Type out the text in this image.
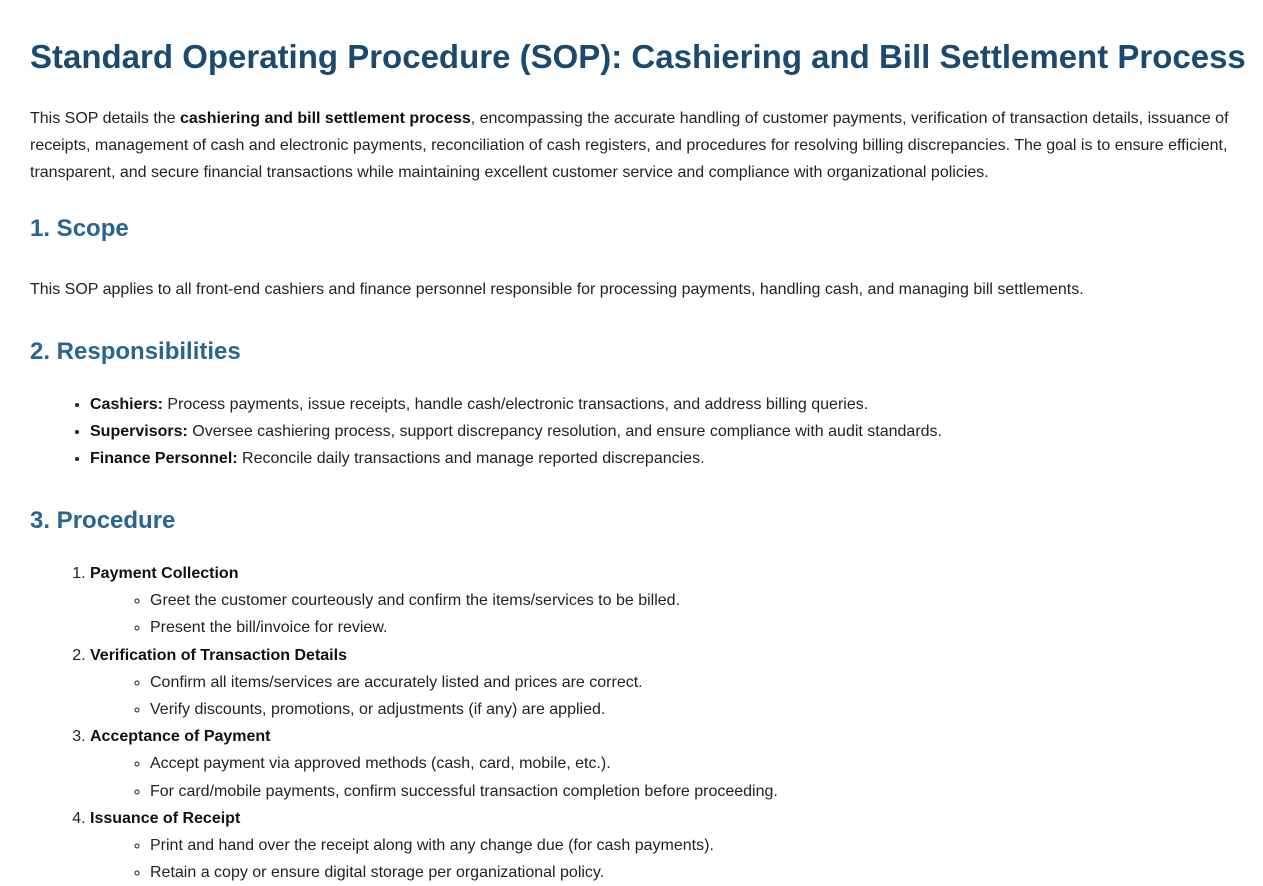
Standard Operating Procedure (SOP): Cashiering and Bill Settlement Process

This SOP details the cashiering and bill settlement process, encompassing the accurate handling of customer payments, verification of transaction details, issuance of receipts, management of cash and electronic payments, reconciliation of cash registers, and procedures for resolving billing discrepancies. The goal is to ensure efficient, transparent, and secure financial transactions while maintaining excellent customer service and compliance with organizational policies.

1. Scope

This SOP applies to all front-end cashiers and finance personnel responsible for processing payments, handling cash, and managing bill settlements.

2. Responsibilities
• Cashiers: Process payments, issue receipts, handle cash/electronic transactions, and address billing queries.
• Supervisors: Oversee cashiering process, support discrepancy resolution, and ensure compliance with audit standards.
• Finance Personnel: Reconcile daily transactions and manage reported discrepancies.
3. Procedure
1. Payment Collection
◦ Greet the customer courteously and confirm the items/services to be billed.
◦ Present the bill/invoice for review.
2. Verification of Transaction Details
◦ Confirm all items/services are accurately listed and prices are correct.
◦ Verify discounts, promotions, or adjustments (if any) are applied.
3. Acceptance of Payment
◦ Accept payment via approved methods (cash, card, mobile, etc.).
◦ For card/mobile payments, confirm successful transaction completion before proceeding.
4. Issuance of Receipt
◦ Print and hand over the receipt along with any change due (for cash payments).
◦ Retain a copy or ensure digital storage per organizational policy.
